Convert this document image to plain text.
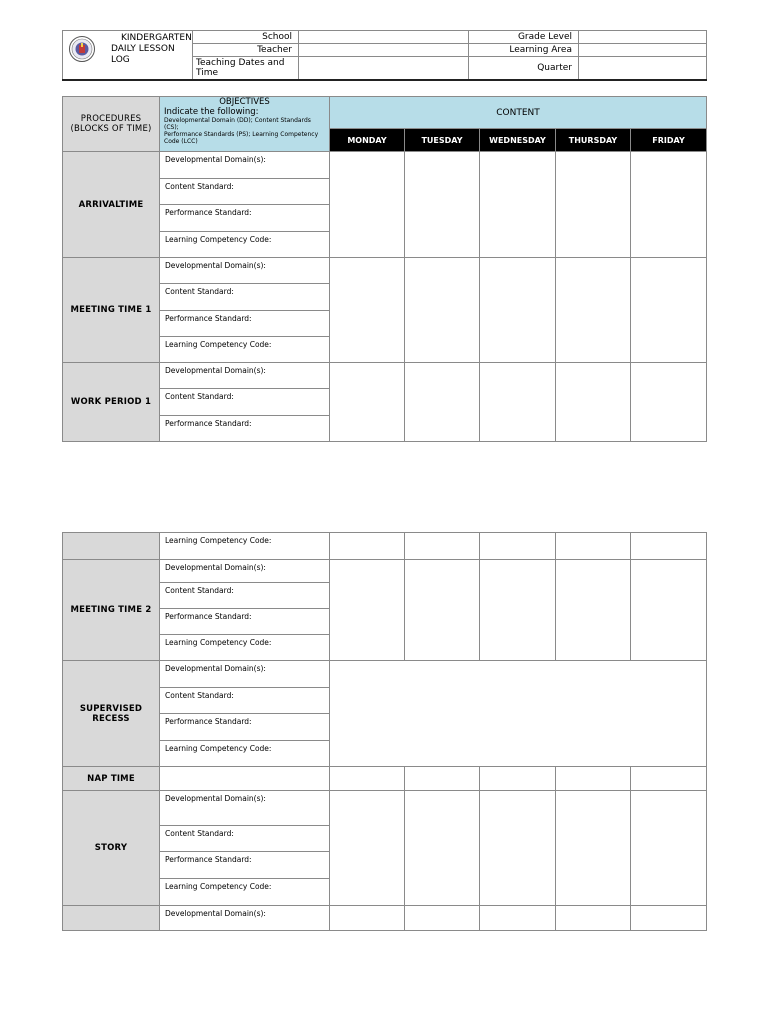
KINDERGARTEN
DAILY LESSON
LOG	School		Grade Level	
	Teacher		Learning Area	
	Teaching Dates and Time		Quarter	
PROCEDURES (BLOCKS OF TIME)	OBJECTIVES
Indicate the following:
Developmental Domain (DD); Content Standards (CS);
Performance Standards (PS); Learning Competency Code (LCC)	CONTENT				
		MONDAY	TUESDAY	WEDNESDAY	THURSDAY	FRIDAY
ARRIVALTIME	Developmental Domain(s):					
	Content Standard:					
	Performance Standard:					
	Learning Competency Code:					
MEETING TIME 1	Developmental Domain(s):					
	Content Standard:					
	Performance Standard:					
	Learning Competency Code:					
WORK PERIOD 1	Developmental Domain(s):					
	Content Standard:					
	Performance Standard:					
	Learning Competency Code:					
MEETING TIME 2	Developmental Domain(s):					
	Content Standard:					
	Performance Standard:					
	Learning Competency Code:					
SUPERVISED RECESS	Developmental Domain(s):					
	Content Standard:					
	Performance Standard:					
	Learning Competency Code:					
NAP TIME						
STORY	Developmental Domain(s):					
	Content Standard:					
	Performance Standard:					
	Learning Competency Code:					
	Developmental Domain(s):					
